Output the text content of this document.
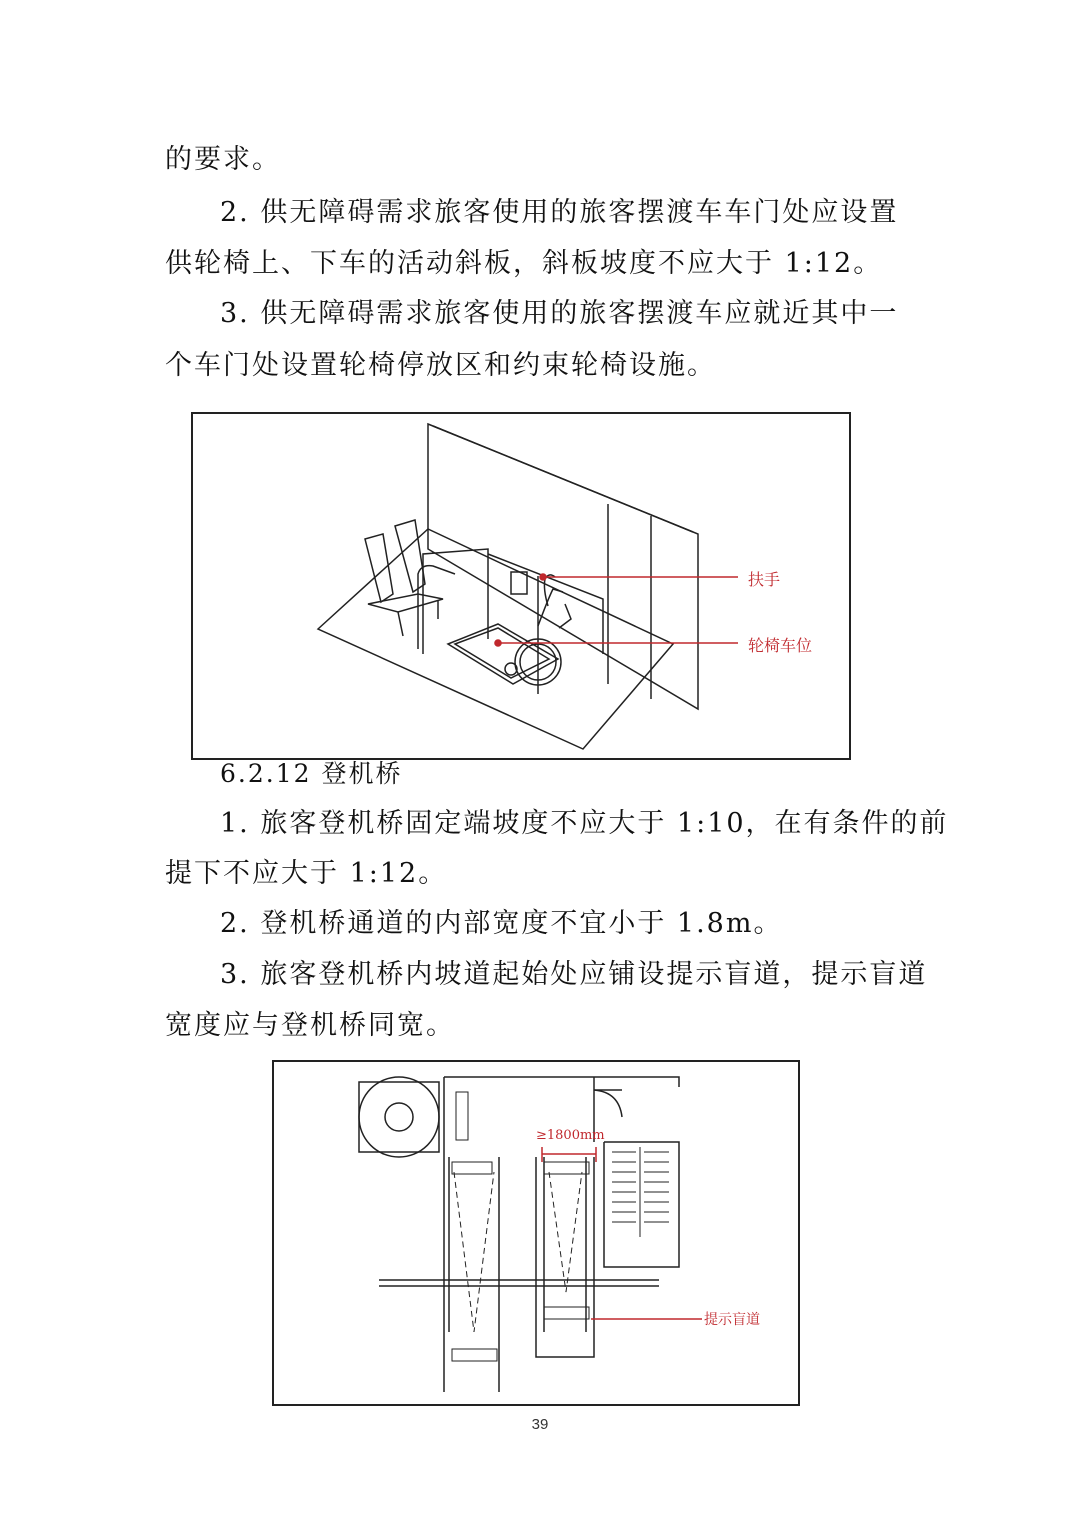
的要求。
2. 供无障碍需求旅客使用的旅客摆渡车车门处应设置
供轮椅上、下车的活动斜板，斜板坡度不应大于 1:12。
3. 供无障碍需求旅客使用的旅客摆渡车应就近其中一
个车门处设置轮椅停放区和约束轮椅设施。
扶手
轮椅车位
6.2.12 登机桥
1. 旅客登机桥固定端坡度不应大于 1:10，在有条件的前
提下不应大于 1:12。
2. 登机桥通道的内部宽度不宜小于 1.8m。
3. 旅客登机桥内坡道起始处应铺设提示盲道，提示盲道
宽度应与登机桥同宽。
≥1800mm
提示盲道
39
